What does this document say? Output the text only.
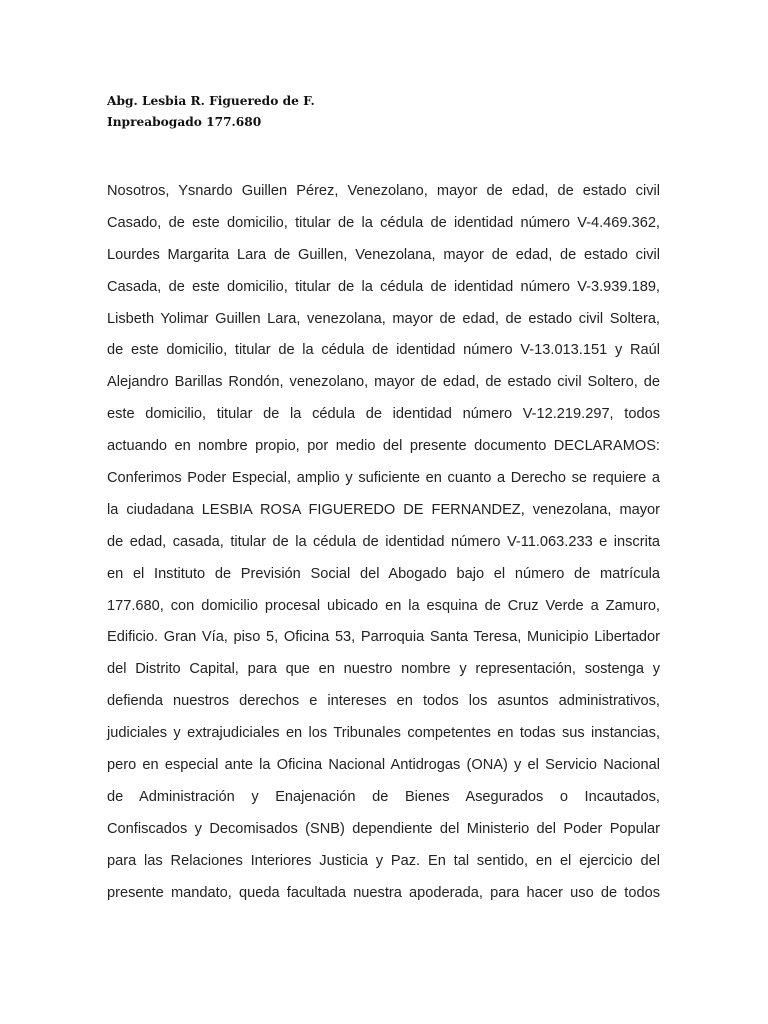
Abg. Lesbia R. Figueredo de F.
Inpreabogado 177.680
Nosotros, Ysnardo Guillen Pérez, Venezolano, mayor de edad, de estado civil
Casado, de este domicilio, titular de la cédula de identidad número V-4.469.362,
Lourdes Margarita Lara de Guillen, Venezolana, mayor de edad, de estado civil
Casada, de este domicilio, titular de la cédula de identidad número V-3.939.189,
Lisbeth Yolimar Guillen Lara, venezolana, mayor de edad, de estado civil Soltera,
de este domicilio, titular de la cédula de identidad número V-13.013.151 y Raúl
Alejandro Barillas Rondón, venezolano, mayor de edad, de estado civil Soltero, de
este domicilio, titular de la cédula de identidad número V-12.219.297, todos
actuando en nombre propio, por medio del presente documento DECLARAMOS:
Conferimos Poder Especial, amplio y suficiente en cuanto a Derecho se requiere a
la ciudadana LESBIA ROSA FIGUEREDO DE FERNANDEZ, venezolana, mayor
de edad, casada, titular de la cédula de identidad número V-11.063.233 e inscrita
en el Instituto de Previsión Social del Abogado bajo el número de matrícula
177.680, con domicilio procesal ubicado en la esquina de Cruz Verde a Zamuro,
Edificio. Gran Vía, piso 5, Oficina 53, Parroquia Santa Teresa, Municipio Libertador
del Distrito Capital, para que en nuestro nombre y representación, sostenga y
defienda nuestros derechos e intereses en todos los asuntos administrativos,
judiciales y extrajudiciales en los Tribunales competentes en todas sus instancias,
pero en especial ante la Oficina Nacional Antidrogas (ONA) y el Servicio Nacional
de Administración y Enajenación de Bienes Asegurados o Incautados,
Confiscados y Decomisados (SNB) dependiente del Ministerio del Poder Popular
para las Relaciones Interiores Justicia y Paz. En tal sentido, en el ejercicio del
presente mandato, queda facultada nuestra apoderada, para hacer uso de todos
